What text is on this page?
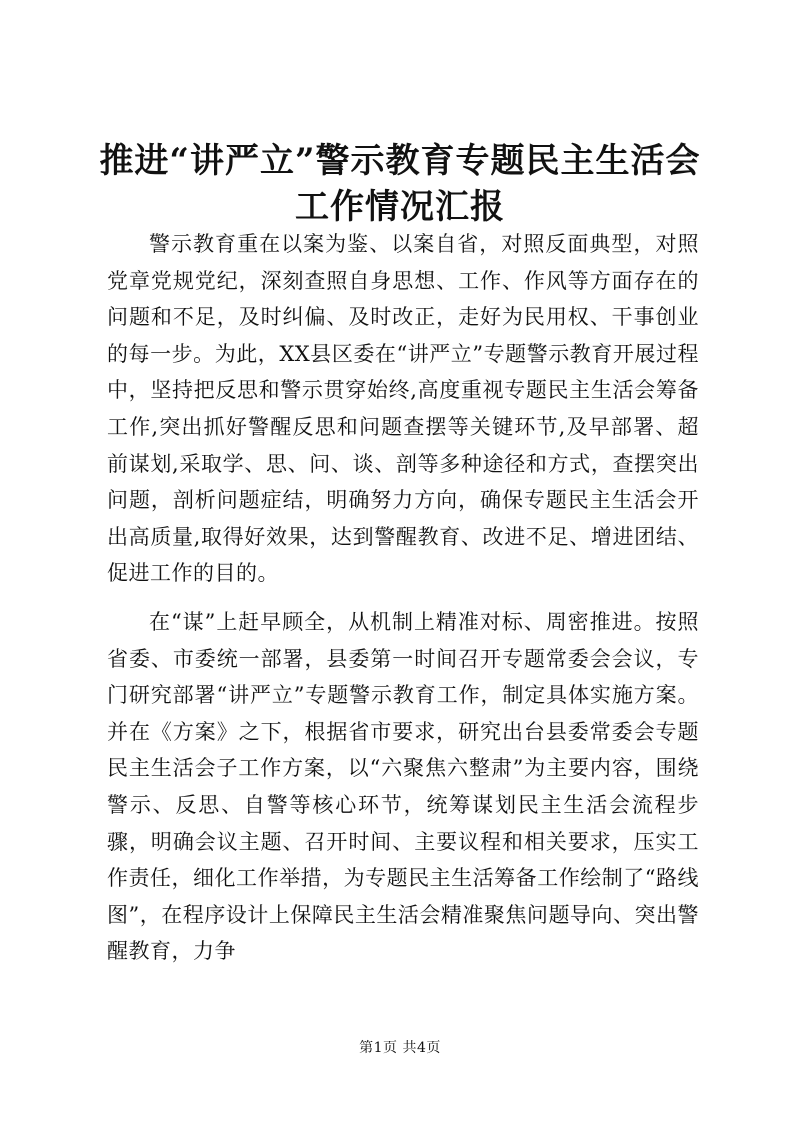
推进“讲严立”警示教育专题民主生活会工作情况汇报

警示教育重在以案为鉴、以案自省，对照反面典型，对照党章党规党纪，深刻查照自身思想、工作、作风等方面存在的问题和不足，及时纠偏、及时改正，走好为民用权、干事创业的每一步。为此，XX县区委在“讲严立”专题警示教育开展过程中，坚持把反思和警示贯穿始终,高度重视专题民主生活会筹备工作,突出抓好警醒反思和问题查摆等关键环节,及早部署、超前谋划,采取学、思、问、谈、剖等多种途径和方式，查摆突出问题，剖析问题症结，明确努力方向，确保专题民主生活会开出高质量,取得好效果，达到警醒教育、改进不足、增进团结、促进工作的目的。

在“谋”上赶早顾全，从机制上精准对标、周密推进。按照省委、市委统一部署，县委第一时间召开专题常委会会议，专门研究部署“讲严立”专题警示教育工作，制定具体实施方案。并在《方案》之下，根据省市要求，研究出台县委常委会专题民主生活会子工作方案，以“六聚焦六整肃”为主要内容，围绕警示、反思、自警等核心环节，统筹谋划民主生活会流程步骤，明确会议主题、召开时间、主要议程和相关要求，压实工作责任，细化工作举措，为专题民主生活筹备工作绘制了“路线图”，在程序设计上保障民主生活会精准聚焦问题导向、突出警醒教育，力争

第1页 共4页
